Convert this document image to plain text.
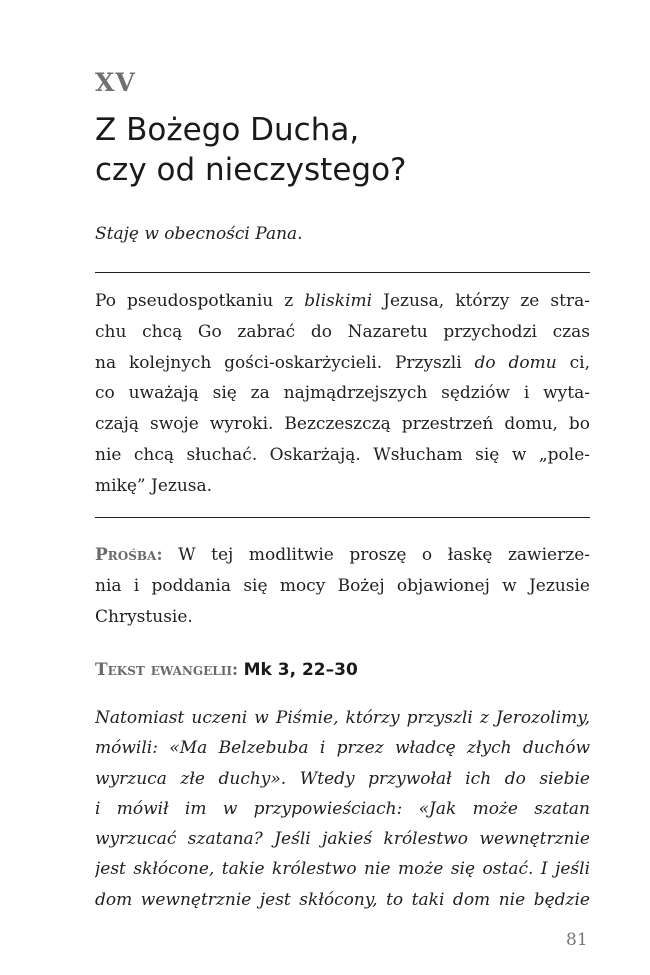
XV
Z Bożego Ducha,
czy od nieczystego?
Staję w obecności Pana.
Po pseudospotkaniu z bliskimi Jezusa, którzy ze stra-
chu chcą Go zabrać do Nazaretu przychodzi czas
na kolejnych gości-oskarżycieli. Przyszli do domu ci,
co uważają się za najmądrzejszych sędziów i wyta-
czają swoje wyroki. Bezczeszczą przestrzeń domu, bo
nie chcą słuchać. Oskarżają. Wsłucham się w „pole-
mikę” Jezusa.
Prośba: W tej modlitwie proszę o łaskę zawierze-
nia i poddania się mocy Bożej objawionej w Jezusie
Chrystusie.
Tekst ewangelii: Mk 3, 22–30
Natomiast uczeni w Piśmie, którzy przyszli z Jerozolimy,
mówili: «Ma Belzebuba i przez władcę złych duchów
wyrzuca złe duchy». Wtedy przywołał ich do siebie
i mówił im w przypowieściach: «Jak może szatan
wyrzucać szatana? Jeśli jakieś królestwo wewnętrznie
jest skłócone, takie królestwo nie może się ostać. I jeśli
dom wewnętrznie jest skłócony, to taki dom nie będzie
81
